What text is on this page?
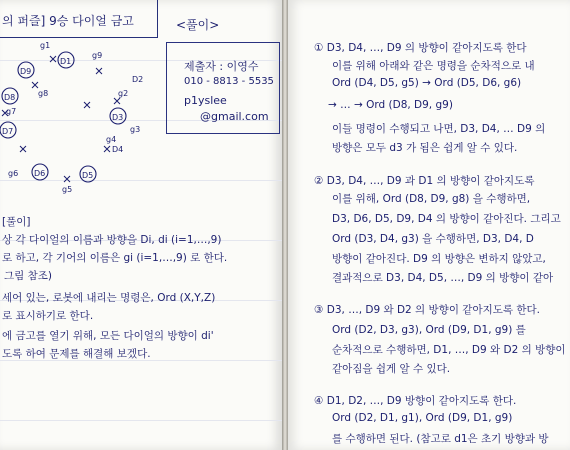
의 퍼즐] 9승 다이얼 금고	<풀이>
제출자 : 이영수
010 - 8813 - 5535
p1yslee
@gmail.com
D1
D3
D5
D6
D7
D8
D9
D2
D4
g1
g2
g3
g4
g5
g6
g7
g8
g9
[풀이]
상 각 다이얼의 이름과 방향을 Di, di (i=1,…,9)
로 하고, 각 기어의 이름은 gi (i=1,…,9) 로 한다.
그림 참조)
세어 있는, 로봇에 내리는 명령은, Ord (X,Y,Z)
로 표시하기로 한다.
에 금고를 열기 위해, 모든 다이얼의 방향이 di'
도록 하여 문제를 해결해 보겠다.
① D3, D4, …, D9 의 방향이 같아지도록 한다
이를 위해 아래와 같은 명령을 순차적으로 내
Ord (D4, D5, g5) → Ord (D5, D6, g6)
→ … → Ord (D8, D9, g9)
이들 명령이 수행되고 나면, D3, D4, … D9 의
방향은 모두 d3 가 됨은 쉽게 알 수 있다.
② D3, D4, …, D9 과 D1 의 방향이 같아지도록
이를 위해, Ord (D8, D9, g8) 을 수행하면,
D3, D6, D5, D9, D4 의 방향이 같아진다. 그리고
Ord (D3, D4, g3) 을 수행하면, D3, D4, D
방향이 같아진다. D9 의 방향은 변하지 않았고,
결과적으로 D3, D4, D5, …, D9 의 방향이 같아
③ D3, …, D9 와 D2 의 방향이 같아지도록 한다.
Ord (D2, D3, g3), Ord (D9, D1, g9) 를
순차적으로 수행하면, D1, …, D9 와 D2 의 방향이
같아짐을 쉽게 알 수 있다.
④ D1, D2, …, D9 방향이 같아지도록 한다.
Ord (D2, D1, g1), Ord (D9, D1, g9)
를 수행하면 된다. (참고로 d1은 초기 방향과 방
